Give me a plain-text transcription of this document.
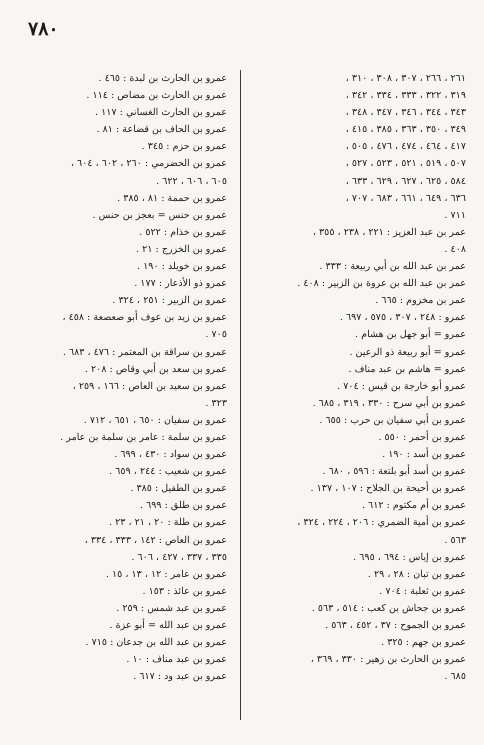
٧٨٠
٢٦١ ، ٢٦٦ ، ٣٠٧ ، ٣٠٨ ، ٣١٠ ،
٣١٩ ، ٣٢٢ ، ٣٣٣ ، ٣٣٤ ، ٣٤٢ ،
٣٤٣ ، ٣٤٤ ، ٣٤٦ ، ٣٤٧ ، ٣٤٨ ،
٣٤٩ ، ٣٥٠ ، ٣٦٣ ، ٣٨٥ ، ٤١٥ ،
٤١٧ ، ٤٦٤ ، ٤٧٤ ، ٤٧٦ ، ٥٠٥ ،
٥٠٧ ، ٥١٩ ، ٥٢١ ، ٥٢٣ ، ٥٢٧ ،
٥٨٤ ، ٦٢٥ ، ٦٢٧ ، ٦٢٩ ، ٦٣٣ ،
٦٣٦ ، ٦٤٩ ، ٦٦١ ، ٦٨٣ ، ٧٠٧ ،
٧١١ .
عمر بن عبد العزيز : ٢٢١ ، ٢٣٨ ، ٣٥٥ ،
٤٠٨ .
عمر بن عبد الله بن أبي ربيعة : ٣٣٣ .
عمر بن عبد الله بن عروة بن الزبير : ٤٠٨ .
عمر بن مخزوم : ٦٦٥ .
عمرو : ٢٤٨ ، ٣٠٧ ، ٥٧٥ ، ٦٩٧ .
عمرو = أبو جهل بن هشام .
عمرو = أبو ربيعة ذو الرعين .
عمرو = هاشم بن عبد مناف .
عمرو أبو خارجة بن قيس : ٧٠٤ .
عمرو بن أبي سرح : ٣٣٠ ، ٣١٩ ، ٦٨٥ .
عمرو بن أبي سفيان بن حرب : ٦٥٥ .
عمرو بن أحمر : ٥٥٠ .
عمرو بن أسد : ١٩٠ .
عمرو بن أسد أبو بلتعة : ٥٩٦ ، ٦٨٠ .
عمرو بن أحيحة بن الجلاح : ١٠٧ ، ١٣٧ .
عمرو بن أم مكتوم : ٦١٢ .
عمرو بن أمية الضمري : ٢٠٦ ، ٢٢٤ ، ٣٢٤ ،
٥٦٣ .
عمرو بن إياس : ٦٩٤ ، ٦٩٥ .
عمرو بن تبان : ٢٨ ، ٢٩ .
عمرو بن ثعلبة : ٧٠٤ .
عمرو بن جحاش بن كعب : ٥١٤ ، ٥٦٣ .
عمرو بن الجموح : ٣٧ ، ٤٥٢ ، ٥٦٣ .
عمرو بن جهم : ٣٢٥ .
عمرو بن الحارث بن زهير : ٣٣٠ ، ٣٦٩ ،
٦٨٥ .
عمرو بن الحارث بن لبدة : ٤٦٥ .
عمرو بن الحارث بن مضاص : ١١٤ .
عمرو بن الحارث الغساني : ١١٧ .
عمرو بن الحاف بن قضاعة : ٨١ .
عمرو بن حزم : ٣٤٥ .
عمرو بن الحضرمي : ٢٦٠ ، ٦٠٢ ، ٦٠٤ ،
٦٠٥ ، ٦٠٦ ، ٦٢٢ .
عمرو بن حممة : ٨١ ، ٣٨٥ .
عمرو بن حنس = بعجز بن حنس .
عمرو بن خذام : ٥٢٢ .
عمرو بن الخزرج : ٢١ .
عمرو بن خويلد : ١٩٠ .
عمرو ذو الأذعار : ١٧٧ .
عمرو بن الزبير : ٢٥١ ، ٣٢٤ .
عمرو بن زيد بن عوف أبو صعصعة : ٤٥٨ ،
٧٠٥ .
عمرو بن سراقة بن المعتمر : ٤٧٦ ، ٦٨٣ .
عمرو بن سعد بن أبي وقاص : ٢٠٨ .
عمرو بن سعيد بن العاص : ١٦٦ ، ٢٥٩ ،
٣٢٣ .
عمرو بن سفيان : ٦٥٠ ، ٦٥١ ، ٧١٢ .
عمرو بن سلمة : عامر بن سلمة بن عامر .
عمرو بن سواد : ٤٣٠ ، ٦٩٩ .
عمرو بن شعيب : ٢٤٤ ، ٦٥٩ .
عمرو بن الطفيل : ٣٨٥ .
عمرو بن طلق : ٦٩٩ .
عمرو بن طلة : ٢٠ ، ٢١ ، ٢٣ .
عمرو بن العاص : ١٤٢ ، ٣٣٣ ، ٣٣٤ ،
٣٣٥ ، ٣٣٧ ، ٤٢٧ ، ٦٠٦ .
عمرو بن عامر : ١٢ ، ١٣ ، ١٥ .
عمرو بن عائذ : ١٥٣ .
عمرو بن عبد شمس : ٢٥٩ .
عمرو بن عبد الله = أبو عزة .
عمرو بن عبد الله بن جدعان : ٧١٥ .
عمرو بن عبد مناف : ١٠ .
عمرو بن عبد ود : ٦١٧ .
